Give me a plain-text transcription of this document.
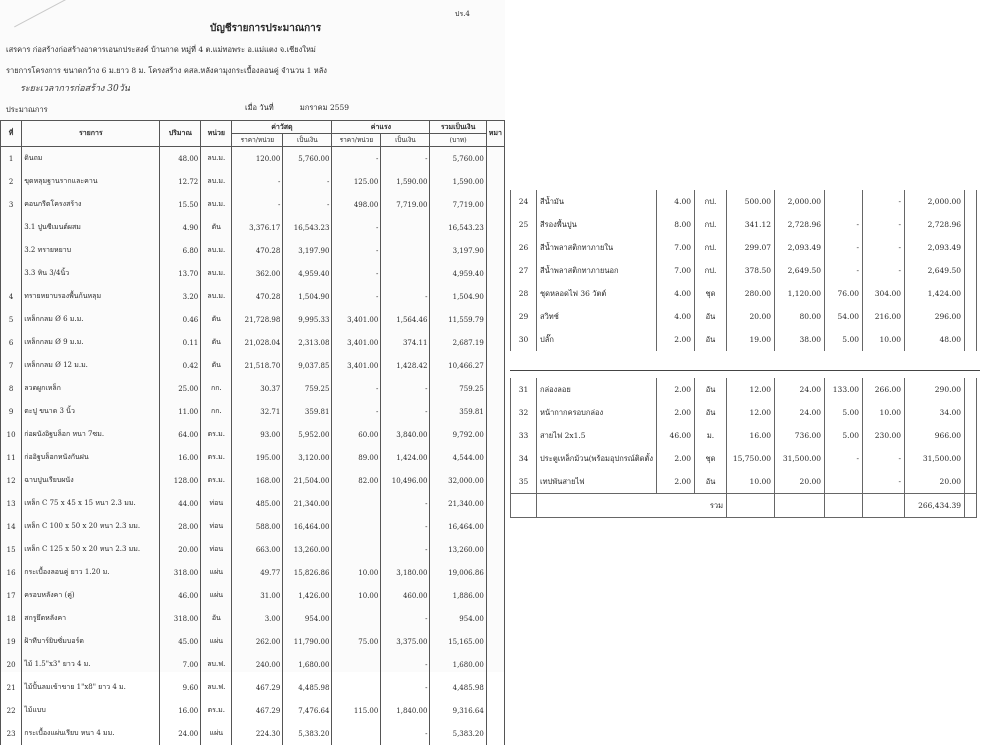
ปร.4
บัญชีรายการประมาณการ
เสรคาร ก่อสร้างก่อสร้างอาคารเอนกประสงค์ บ้านกาด หมู่ที่ 4 ต.แม่ทอพระ อ.แม่แตง จ.เชียงใหม่
รายการโครงการ ขนาดกว้าง 6 ม.ยาว 8 ม. โครงสร้าง คสล.หลังคามุงกระเบื้องลอนคู่ จำนวน 1 หลัง
ระยะเวลาการก่อสร้าง 30วัน
ประมาณการ	เมื่อ วันที่	มกราคม 2559
ที่	รายการ	ปริมาณ	หน่วย	ค่าวัสดุ		ค่าแรง		รวมเป็นเงิน	หมา
				ราคา/หน่วย	เป็นเงิน	ราคา/หน่วย	เป็นเงิน	(บาท)	
1	ดินถม	48.00	ลบ.ม.	120.00	5,760.00	-	-	5,760.00	
2	ขุดหลุมฐานรากและคาน	12.72	ลบ.ม.	-	-	125.00	1,590.00	1,590.00	
3	คอนกรีตโครงสร้าง	15.50	ลบ.ม.	-	-	498.00	7,719.00	7,719.00	
	3.1 ปูนซีเมนต์ผสม	4.90	ตัน	3,376.17	16,543.23	-		16,543.23	
	3.2 ทรายหยาบ	6.80	ลบ.ม.	470.28	3,197.90	-		3,197.90	
	3.3 หิน 3/4นิ้ว	13.70	ลบ.ม.	362.00	4,959.40	-		4,959.40	
4	ทรายหยาบรองพื้นก้นหลุม	3.20	ลบ.ม.	470.28	1,504.90	-	-	1,504.90	
5	เหล็กกลม Ø 6 ม.ม.	0.46	ตัน	21,728.98	9,995.33	3,401.00	1,564.46	11,559.79	
6	เหล็กกลม Ø 9 ม.ม.	0.11	ตัน	21,028.04	2,313.08	3,401.00	374.11	2,687.19	
7	เหล็กกลม Ø 12 ม.ม.	0.42	ตัน	21,518.70	9,037.85	3,401.00	1,428.42	10,466.27	
8	ลวดผูกเหล็ก	25.00	กก.	30.37	759.25	-	-	759.25	
9	ตะปู ขนาด 3 นิ้ว	11.00	กก.	32.71	359.81	-	-	359.81	
10	ก่อผนังอิฐบล็อก หนา 7ซม.	64.00	ตร.ม.	93.00	5,952.00	60.00	3,840.00	9,792.00	
11	ก่ออิฐบล็อกหนังกันฝน	16.00	ตร.ม.	195.00	3,120.00	89.00	1,424.00	4,544.00	
12	ฉาบปูนเรียบผนัง	128.00	ตร.ม.	168.00	21,504.00	82.00	10,496.00	32,000.00	
13	เหล็ก C 75 x 45 x 15 หนา 2.3 มม.	44.00	ท่อน	485.00	21,340.00		-	21,340.00	
14	เหล็ก C 100 x 50 x 20 หนา 2.3 มม.	28.00	ท่อน	588.00	16,464.00		-	16,464.00	
15	เหล็ก C 125 x 50 x 20 หนา 2.3 มม.	20.00	ท่อน	663.00	13,260.00		-	13,260.00	
16	กระเบื้องลอนคู่ ยาว 1.20 ม.	318.00	แผ่น	49.77	15,826.86	10.00	3,180.00	19,006.86	
17	ครอบหลังคา (คู่)	46.00	แผ่น	31.00	1,426.00	10.00	460.00	1,886.00	
18	สกรูยึดหลังคา	318.00	อัน	3.00	954.00		-	954.00	
19	ฝ้าทีบาร์ยิบซั่มบอร์ด	45.00	แผ่น	262.00	11,790.00	75.00	3,375.00	15,165.00	
20	ไม้ 1.5"x3" ยาว 4 ม.	7.00	ลบ.ฟ.	240.00	1,680.00		-	1,680.00	
21	ไม้ปั้นลมเข้าขาย 1"x8" ยาว 4 ม.	9.60	ลบ.ฟ.	467.29	4,485.98		-	4,485.98	
22	ไม้แบบ	16.00	ตร.ม.	467.29	7,476.64	115.00	1,840.00	9,316.64	
23	กระเบื้องแผ่นเรียบ หนา 4 มม.	24.00	แผ่น	224.30	5,383.20		-	5,383.20	
24	สีน้ำมัน	4.00	กป.	500.00	2,000.00		-	2,000.00	
25	สีรองพื้นปูน	8.00	กป.	341.12	2,728.96	-	-	2,728.96	
26	สีน้ำพลาสติกทาภายใน	7.00	กป.	299.07	2,093.49	-	-	2,093.49	
27	สีน้ำพลาสติกทาภายนอก	7.00	กป.	378.50	2,649.50	-	-	2,649.50	
28	ชุดหลอดไฟ 36 วัตต์	4.00	ชุด	280.00	1,120.00	76.00	304.00	1,424.00	
29	สวิทช์	4.00	อัน	20.00	80.00	54.00	216.00	296.00	
30	ปลั๊ก	2.00	อัน	19.00	38.00	5.00	10.00	48.00	
31	กล่องลอย	2.00	อัน	12.00	24.00	133.00	266.00	290.00	
32	หน้ากากครอบกล่อง	2.00	อัน	12.00	24.00	5.00	10.00	34.00	
33	สายไฟ 2x1.5	46.00	ม.	16.00	736.00	5.00	230.00	966.00	
34	ประตูเหล็กม้วน(พร้อมอุปกรณ์ติดตั้ง	2.00	ชุด	15,750.00	31,500.00	-	-	31,500.00	
35	เทปพันสายไฟ	2.00	อัน	10.00	20.00		-	20.00	
	รวม							266,434.39	
